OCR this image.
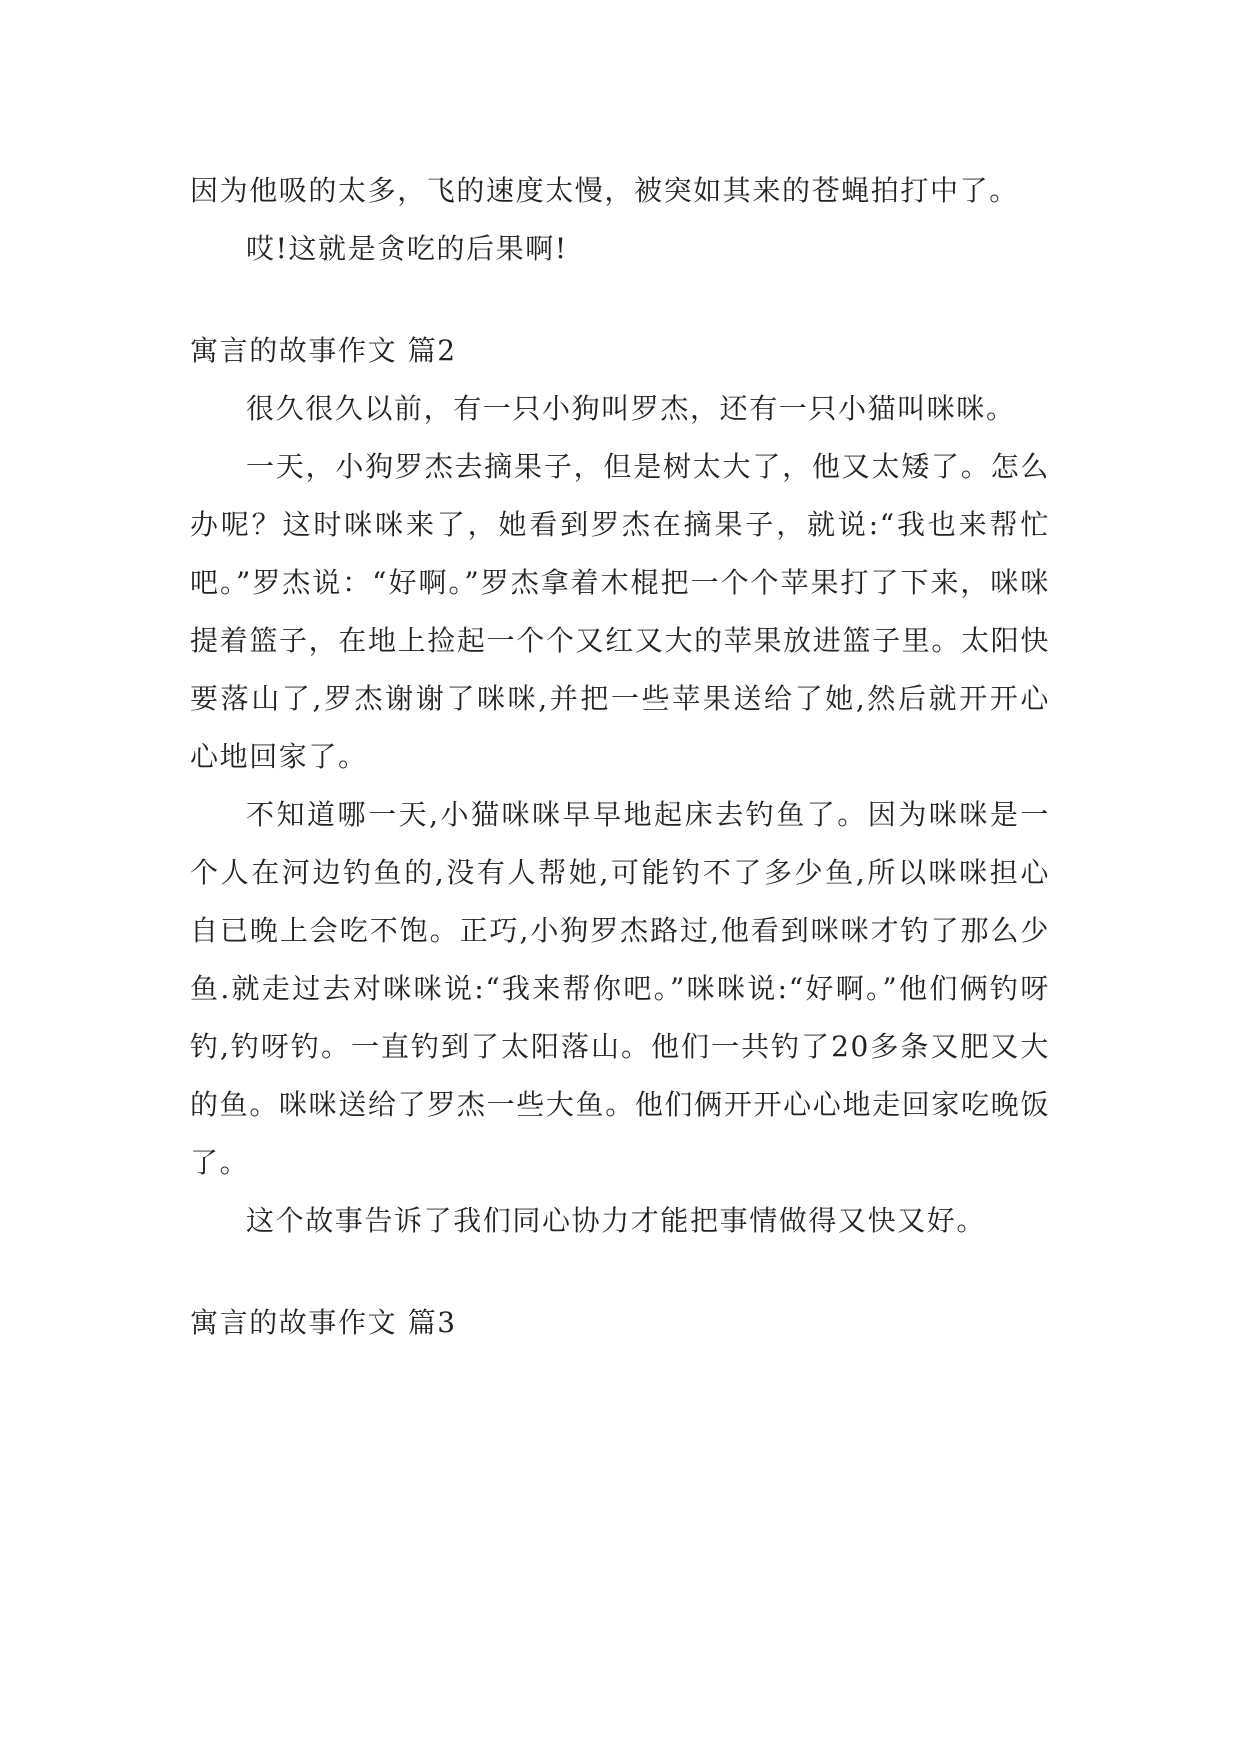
因为他吸的太多，飞的速度太慢，被突如其来的苍蝇拍打中了。

哎!这就是贪吃的后果啊!

寓言的故事作文 篇2

很久很久以前，有一只小狗叫罗杰，还有一只小猫叫咪咪。

一天，小狗罗杰去摘果子，但是树太大了，他又太矮了。怎么办呢？这时咪咪来了，她看到罗杰在摘果子，就说:“我也来帮忙吧。”罗杰说：“好啊。”罗杰拿着木棍把一个个苹果打了下来，咪咪提着篮子，在地上捡起一个个又红又大的苹果放进篮子里。太阳快要落山了,罗杰谢谢了咪咪,并把一些苹果送给了她,然后就开开心心地回家了。

不知道哪一天,小猫咪咪早早地起床去钓鱼了。因为咪咪是一个人在河边钓鱼的,没有人帮她,可能钓不了多少鱼,所以咪咪担心自已晚上会吃不饱。正巧,小狗罗杰路过,他看到咪咪才钓了那么少鱼.就走过去对咪咪说:“我来帮你吧。”咪咪说:“好啊。”他们俩钓呀钓,钓呀钓。一直钓到了太阳落山。他们一共钓了20多条又肥又大的鱼。咪咪送给了罗杰一些大鱼。他们俩开开心心地走回家吃晚饭了。

这个故事告诉了我们同心协力才能把事情做得又快又好。

寓言的故事作文 篇3
